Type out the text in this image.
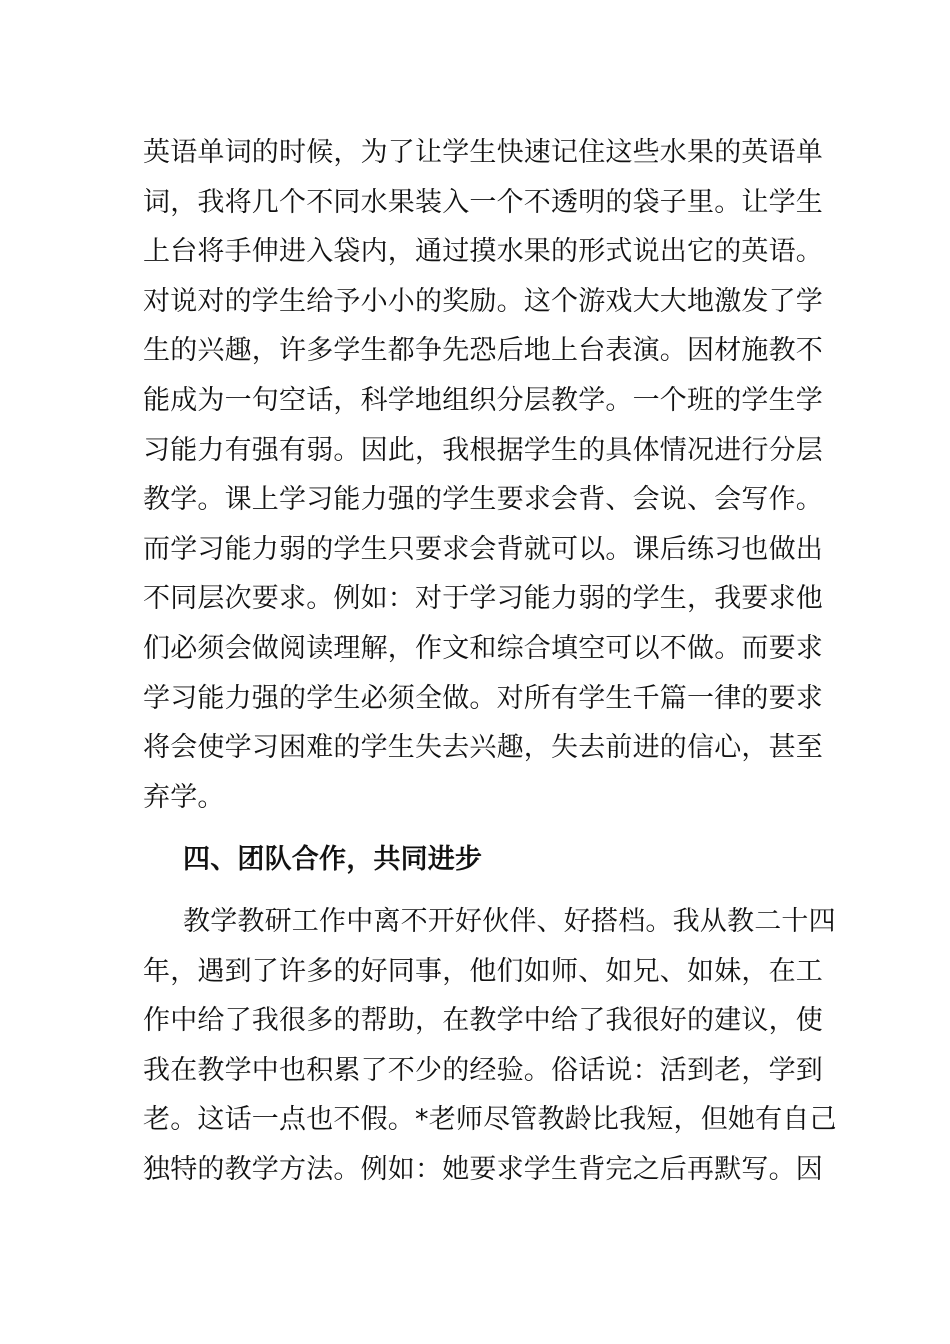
英语单词的时候，为了让学生快速记住这些水果的英语单
词，我将几个不同水果装入一个不透明的袋子里。让学生
上台将手伸进入袋内，通过摸水果的形式说出它的英语。
对说对的学生给予小小的奖励。这个游戏大大地激发了学
生的兴趣，许多学生都争先恐后地上台表演。因材施教不
能成为一句空话，科学地组织分层教学。一个班的学生学
习能力有强有弱。因此，我根据学生的具体情况进行分层
教学。课上学习能力强的学生要求会背、会说、会写作。
而学习能力弱的学生只要求会背就可以。课后练习也做出
不同层次要求。例如：对于学习能力弱的学生，我要求他
们必须会做阅读理解，作文和综合填空可以不做。而要求
学习能力强的学生必须全做。对所有学生千篇一律的要求
将会使学习困难的学生失去兴趣，失去前进的信心，甚至
弃学。
四、团队合作，共同进步
教学教研工作中离不开好伙伴、好搭档。我从教二十四
年，遇到了许多的好同事，他们如师、如兄、如妹，在工
作中给了我很多的帮助，在教学中给了我很好的建议，使
我在教学中也积累了不少的经验。俗话说：活到老，学到
老。这话一点也不假。*老师尽管教龄比我短，但她有自己
独特的教学方法。例如：她要求学生背完之后再默写。因
